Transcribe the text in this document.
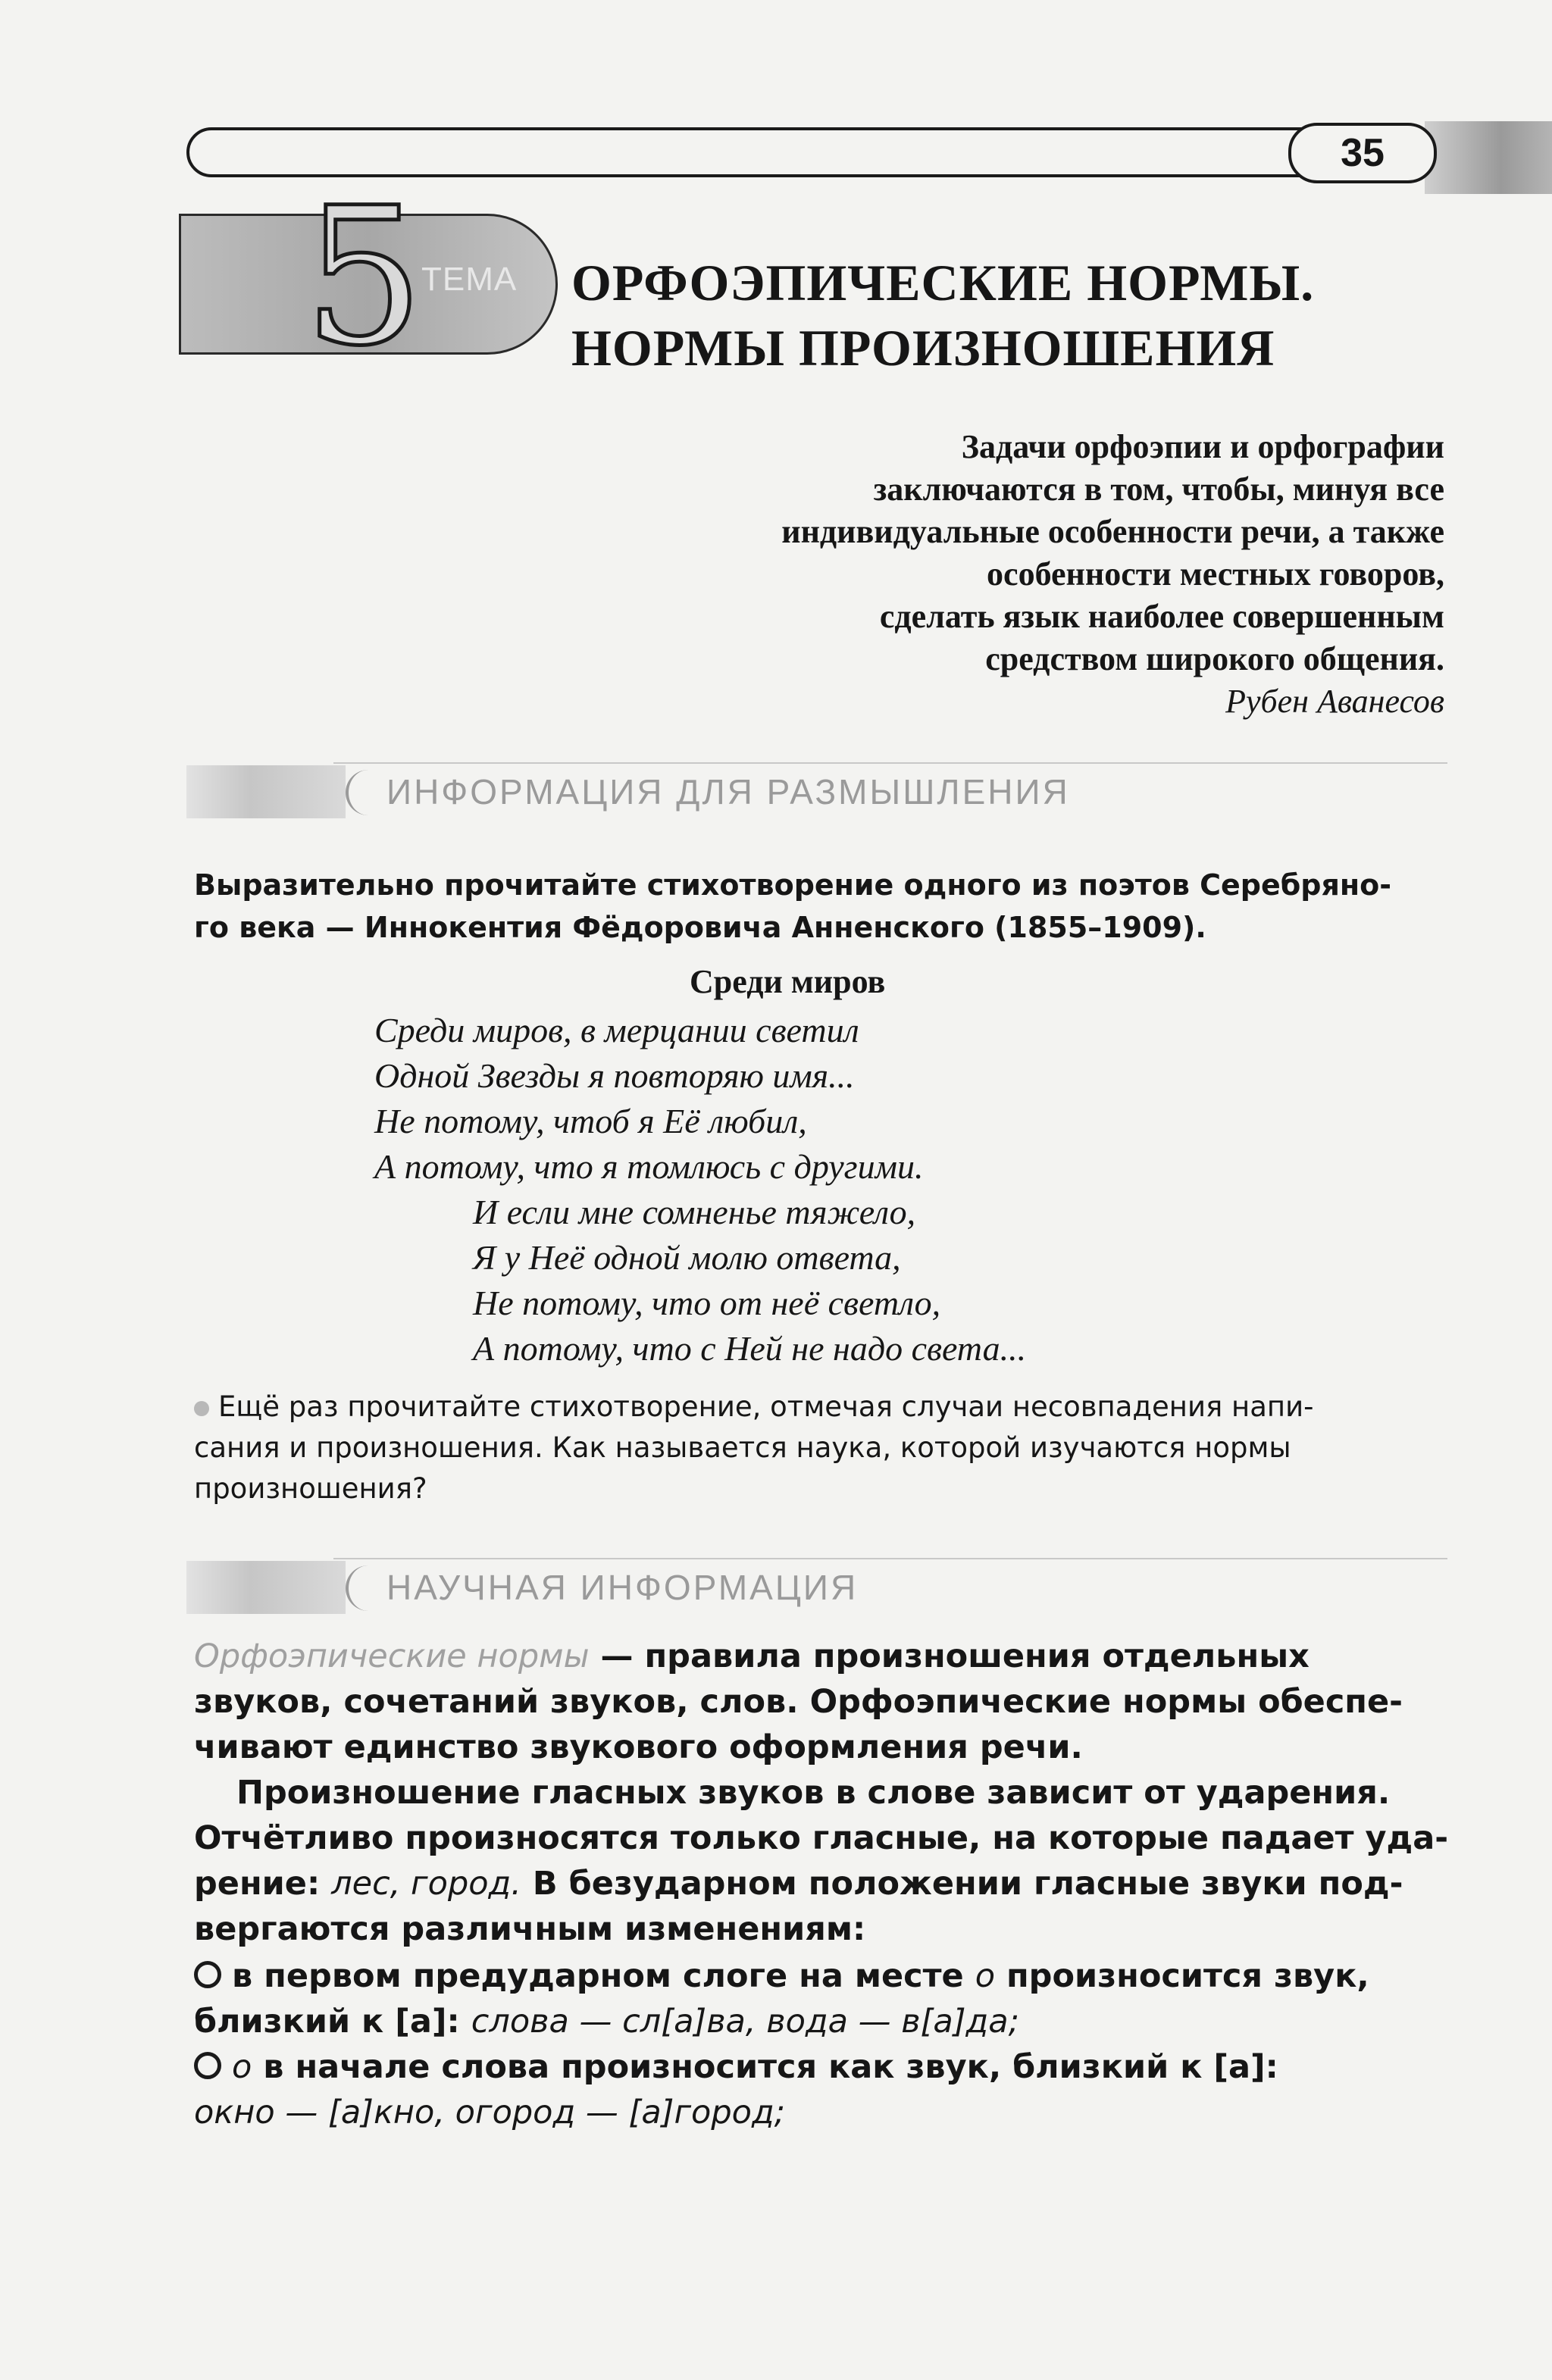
35
5
ТЕМА	ОРФОЭПИЧЕСКИЕ НОРМЫ.
НОРМЫ ПРОИЗНОШЕНИЯ
Задачи орфоэпии и орфографии
заключаются в том, чтобы, минуя все
индивидуальные особенности речи, а также
особенности местных говоров,
сделать язык наиболее совершенным
средством широкого общения.
Рубен Аванесов
ИНФОРМАЦИЯ ДЛЯ РАЗМЫШЛЕНИЯ
Выразительно прочитайте стихотворение одного из поэтов Серебряно-
го века — Иннокентия Фёдоровича Анненского (1855–1909).
Среди миров
Среди миров, в мерцании светил
Одной Звезды я повторяю имя...
Не потому, чтоб я Её любил,
А потому, что я томлюсь с другими.
И если мне сомненье тяжело,
Я у Неё одной молю ответа,
Не потому, что от неё светло,
А потому, что с Ней не надо света...
Ещё раз прочитайте стихотворение, отмечая случаи несовпадения напи-
сания и произношения. Как называется наука, которой изучаются нормы
произношения?
НАУЧНАЯ ИНФОРМАЦИЯ
Орфоэпические нормы — правила произношения отдельных
звуков, сочетаний звуков, слов. Орфоэпические нормы обеспе-
чивают единство звукового оформления речи.
Произношение гласных звуков в слове зависит от ударения.
Отчётливо произносятся только гласные, на которые падает уда-
рение: лес, город. В безударном положении гласные звуки под-
вергаются различным изменениям:
в первом предударном слоге на месте о произносится звук,
близкий к [а]: слова — сл[а]ва, вода — в[а]да;
о в начале слова произносится как звук, близкий к [а]:
окно — [а]кно, огород — [а]город;
